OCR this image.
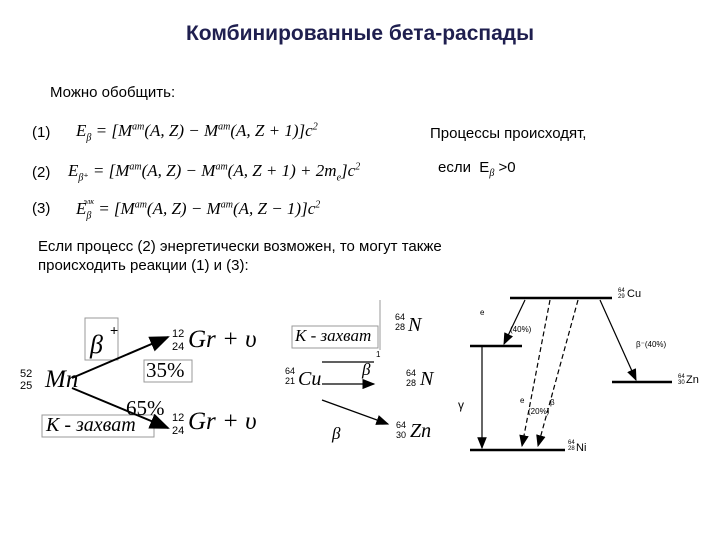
Комбинированные бета-распады
Можно обобщить:
(1) $E_\beta = [M^{am}(A$, $Z) - M^{am}(A$, $Z + 1)]c^2$
(2) $E_{\beta^+} = [M^{am}(A$, $Z) - M^{am}(A$, $Z + 1) + 2m_e]c^2$
(3) $E_\beta^{элк} = [M^{am}(A$, $Z) - M^{am}(A$, $Z - 1)]c^2$
Процессы происходят,
если  $E_\beta >0$
Если процесс (2) энергетически возможен, то могут также
происходить реакции (1) и (3):
52
25 Mn
β +
35%
65%
K - захват
12
24 Gr + υ
12
24 Gr + υ
K - захват
64
28 N
β
1
64
21 Cu	64
28 N
64
30 Zn
β
64
29 Cu
64
30 Zn
64
28 Ni
e
(40%)
β⁻(40%)
γ	e	β
(20%)
